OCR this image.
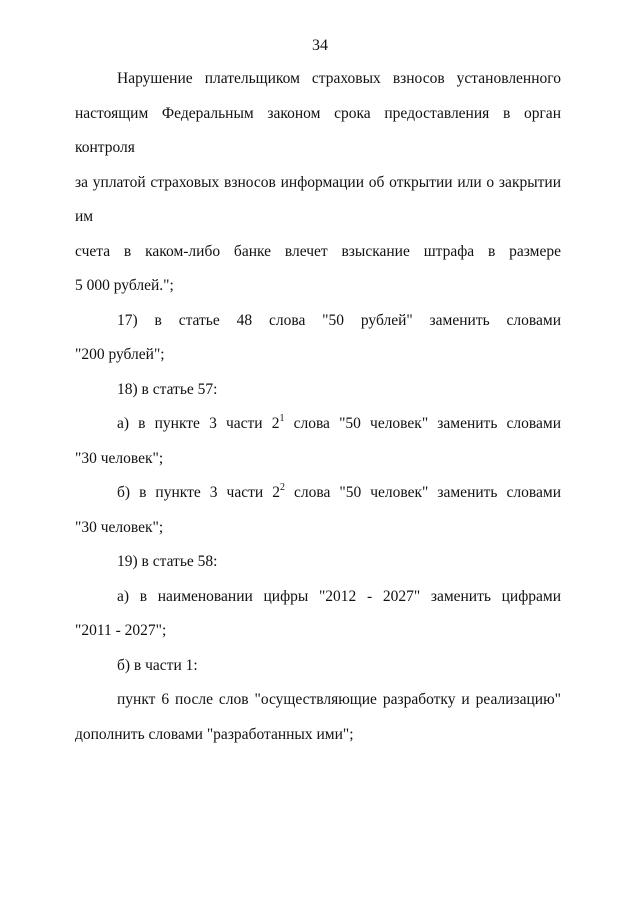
34

Нарушение плательщиком страховых взносов установленного

настоящим Федеральным законом срока предоставления в орган контроля

за уплатой страховых взносов информации об открытии или о закрытии им

счета в каком-либо банке влечет взыскание штрафа в размере

5 000 рублей.";

17) в статье 48 слова "50 рублей" заменить словами

"200 рублей";

18) в статье 57:

а) в пункте 3 части $2^1$ слова "50 человек" заменить словами

"30 человек";

б) в пункте 3 части $2^2$ слова "50 человек" заменить словами

"30 человек";

19) в статье 58:

а) в наименовании цифры "2012 - 2027" заменить цифрами

"2011 - 2027";

б) в части 1:

пункт 6 после слов "осуществляющие разработку и реализацию"

дополнить словами "разработанных ими";
